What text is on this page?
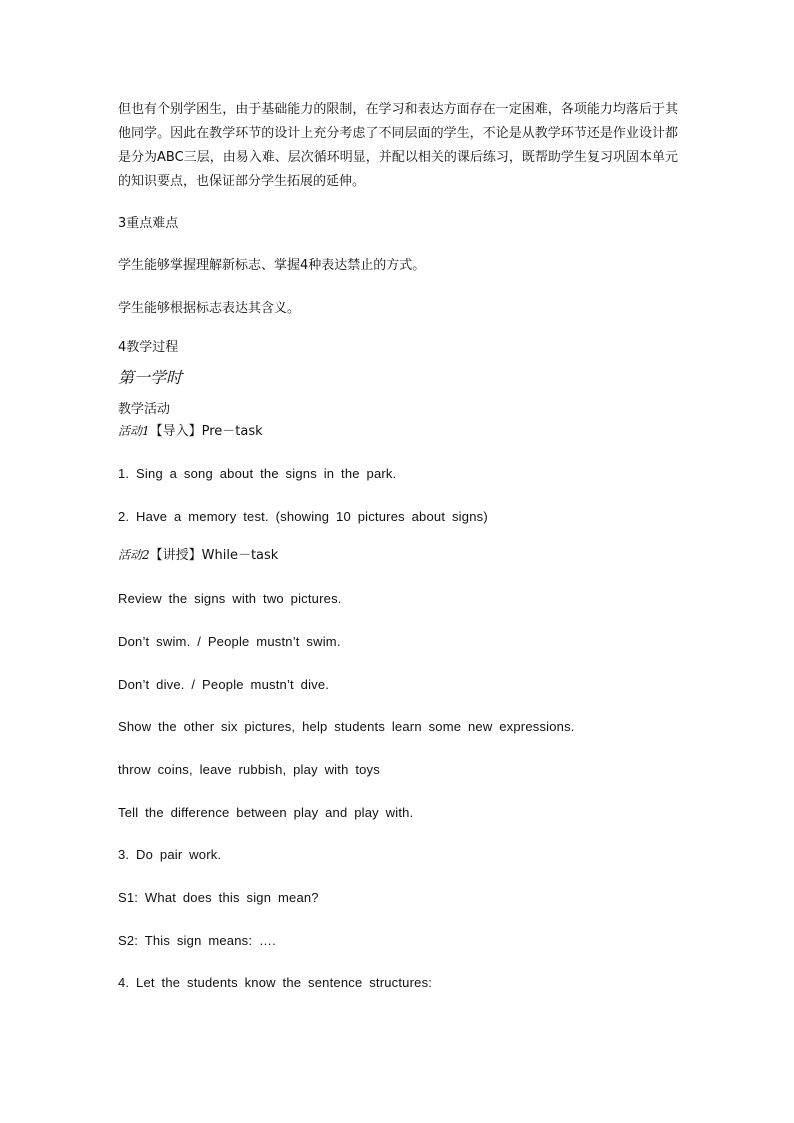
但也有个别学困生，由于基础能力的限制，在学习和表达方面存在一定困难，各项能力均落后于其他同学。因此在教学环节的设计上充分考虑了不同层面的学生，不论是从教学环节还是作业设计都是分为ABC三层，由易入难、层次循环明显，并配以相关的课后练习，既帮助学生复习巩固本单元的知识要点，也保证部分学生拓展的延伸。
3重点难点
学生能够掌握理解新标志、掌握4种表达禁止的方式。
学生能够根据标志表达其含义。
4教学过程
第一学时
教学活动
活动1【导入】Pre－task
1. Sing a song about the signs in the park.
2. Have a memory test. (showing 10 pictures about signs)
活动2【讲授】While－task
Review the signs with two pictures.
Don’t swim. / People mustn’t swim.
Don’t dive. / People mustn’t dive.
Show the other six pictures, help students learn some new expressions.
throw coins, leave rubbish, play with toys
Tell the difference between play and play with.
3. Do pair work.
S1: What does this sign mean?
S2: This sign means: ….
4. Let the students know the sentence structures:
